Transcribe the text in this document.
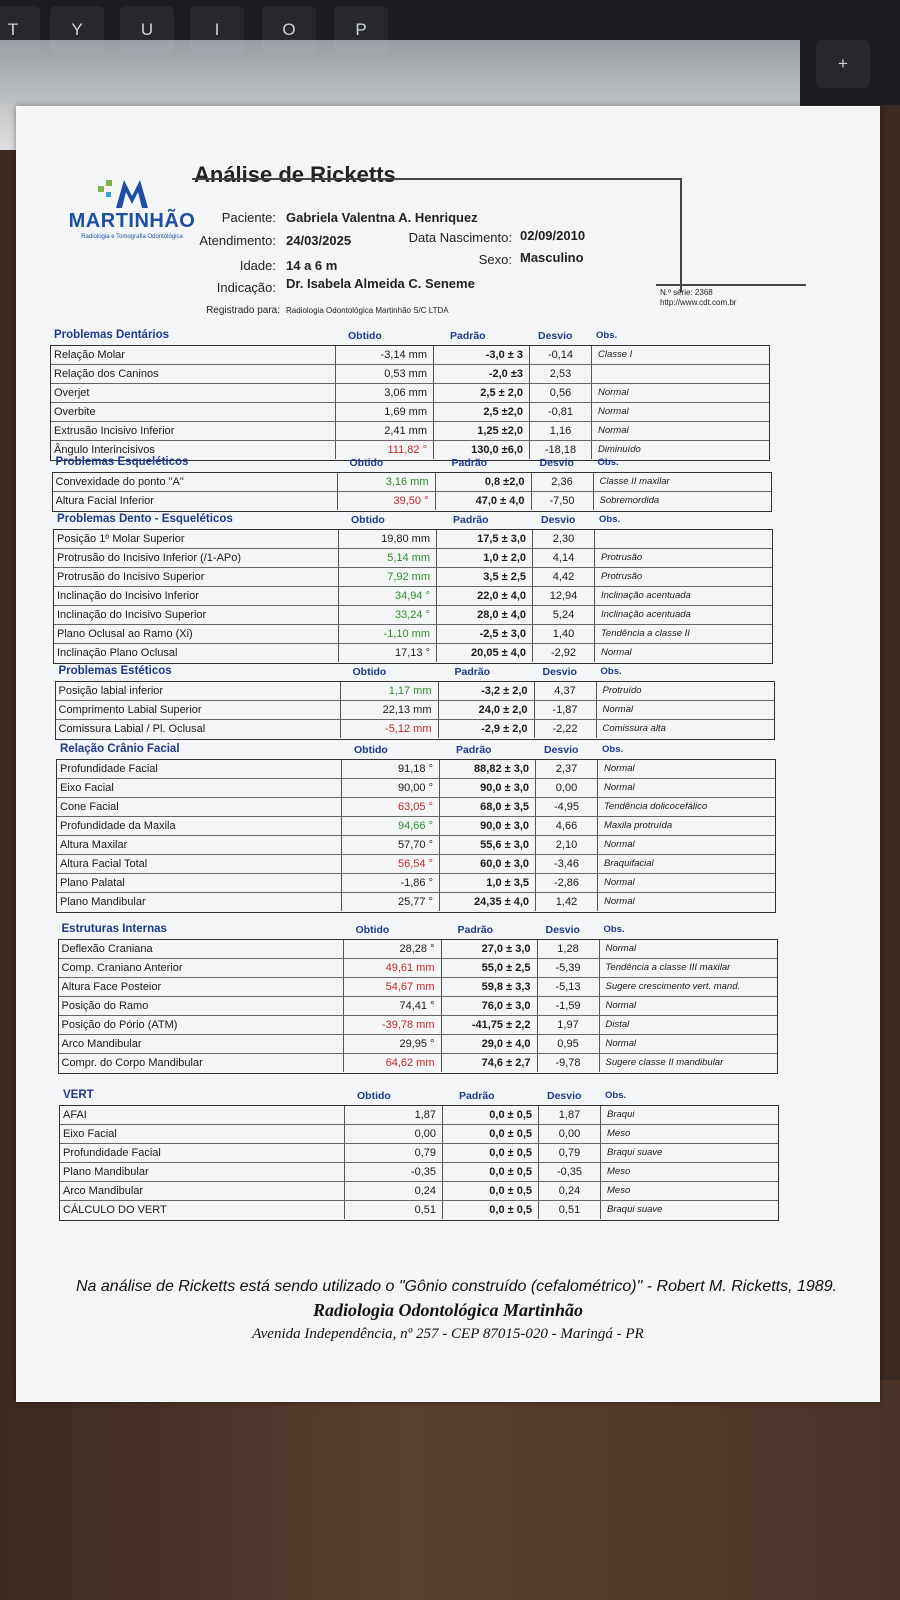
T	Y	U	I	O	P
+
MARTINHÃO
Radiologia e Tomografia Odontológica
Análise de Ricketts
Paciente: Gabriela Valentna A. Henriquez
Atendimento: 24/03/2025	Data Nascimento: 02/09/2010
Sexo: Masculino
Idade: 14 a 6 m
Indicação: Dr. Isabela Almeida C. Seneme
Registrado para: Radiologia Odontológica Martinhão S/C LTDA
N.º série: 2368
http://www.cdt.com.br
Problemas Dentários	Obtido	Padrão	Desvio Obs.
Relação Molar	-3,14 mm	-3,0 ± 3	-0,14	Classe I
Relação dos Caninos	0,53 mm	-2,0 ±3	2,53
Overjet	3,06 mm	2,5 ± 2,0	0,56	Normal
Overbite	1,69 mm	2,5 ±2,0	-0,81	Normal
Extrusão Incisivo Inferior	2,41 mm	1,25 ±2,0	1,16	Normal
Ângulo Interincisivos	111,82 °	130,0 ±6,0	-18,18	Diminuído
Problemas Esqueléticos	Obtido	Padrão	Desvio Obs.
Convexidade do ponto "A"	3,16 mm	0,8 ±2,0	2,36	Classe II maxilar
Altura Facial Inferior	39,50 °	47,0 ± 4,0	-7,50	Sobremordida
Problemas Dento - Esqueléticos	Obtido	Padrão	Desvio Obs.
Posição 1º Molar Superior	19,80 mm	17,5 ± 3,0	2,30
Protrusão do Incisivo Inferior (/1-APo)	5,14 mm	1,0 ± 2,0	4,14	Protrusão
Protrusão do Incisivo Superior	7,92 mm	3,5 ± 2,5	4,42	Protrusão
Inclinação do Incisivo Inferior	34,94 °	22,0 ± 4,0	12,94	Inclinação acentuada
Inclinação do Incisivo Superior	33,24 °	28,0 ± 4,0	5,24	Inclinação acentuada
Plano Oclusal ao Ramo (Xi)	-1,10 mm	-2,5 ± 3,0	1,40	Tendência a classe II
Inclinação Plano Oclusal	17,13 °	20,05 ± 4,0	-2,92	Normal
Problemas Estéticos	Obtido	Padrão	Desvio Obs.
Posição labial inferior	1,17 mm	-3,2 ± 2,0	4,37	Protruído
Comprimento Labial Superior	22,13 mm	24,0 ± 2,0	-1,87	Normal
Comissura Labial / Pl. Oclusal	-5,12 mm	-2,9 ± 2,0	-2,22	Comissura alta
Relação Crânio Facial	Obtido	Padrão	Desvio Obs.
Profundidade Facial	91,18 °	88,82 ± 3,0	2,37	Normal
Eixo Facial	90,00 °	90,0 ± 3,0	0,00	Normal
Cone Facial	63,05 °	68,0 ± 3,5	-4,95	Tendência dolicocefálico
Profundidade da Maxila	94,66 °	90,0 ± 3,0	4,66	Maxila protruída
Altura Maxilar	57,70 °	55,6 ± 3,0	2,10	Normal
Altura Facial Total	56,54 °	60,0 ± 3,0	-3,46	Braquifacial
Plano Palatal	-1,86 °	1,0 ± 3,5	-2,86	Normal
Plano Mandibular	25,77 °	24,35 ± 4,0	1,42	Normal
Estruturas Internas	Obtido	Padrão	Desvio Obs.
Deflexão Craniana	28,28 °	27,0 ± 3,0	1,28	Normal
Comp. Craniano Anterior	49,61 mm	55,0 ± 2,5	-5,39	Tendência a classe III maxilar
Altura Face Posteior	54,67 mm	59,8 ± 3,3	-5,13	Sugere crescimento vert. mand.
Posição do Ramo	74,41 °	76,0 ± 3,0	-1,59	Normal
Posição do Pório (ATM)	-39,78 mm	-41,75 ± 2,2	1,97	Distal
Arco Mandibular	29,95 °	29,0 ± 4,0	0,95	Normal
Compr. do Corpo Mandibular	64,62 mm	74,6 ± 2,7	-9,78	Sugere classe II mandibular
VERT	Obtido	Padrão	Desvio Obs.
AFAI	1,87	0,0 ± 0,5	1,87	Braqui
Eixo Facial	0,00	0,0 ± 0,5	0,00	Meso
Profundidade Facial	0,79	0,0 ± 0,5	0,79	Braqui suave
Plano Mandibular	-0,35	0,0 ± 0,5	-0,35	Meso
Arco Mandibular	0,24	0,0 ± 0,5	0,24	Meso
CÁLCULO DO VERT	0,51	0,0 ± 0,5	0,51	Braqui suave
Na análise de Ricketts está sendo utilizado o "Gônio construído (cefalométrico)" - Robert M. Ricketts, 1989.
Radiologia Odontológica Martinhão
Avenida Independência, nº 257 - CEP 87015-020 - Maringá - PR
